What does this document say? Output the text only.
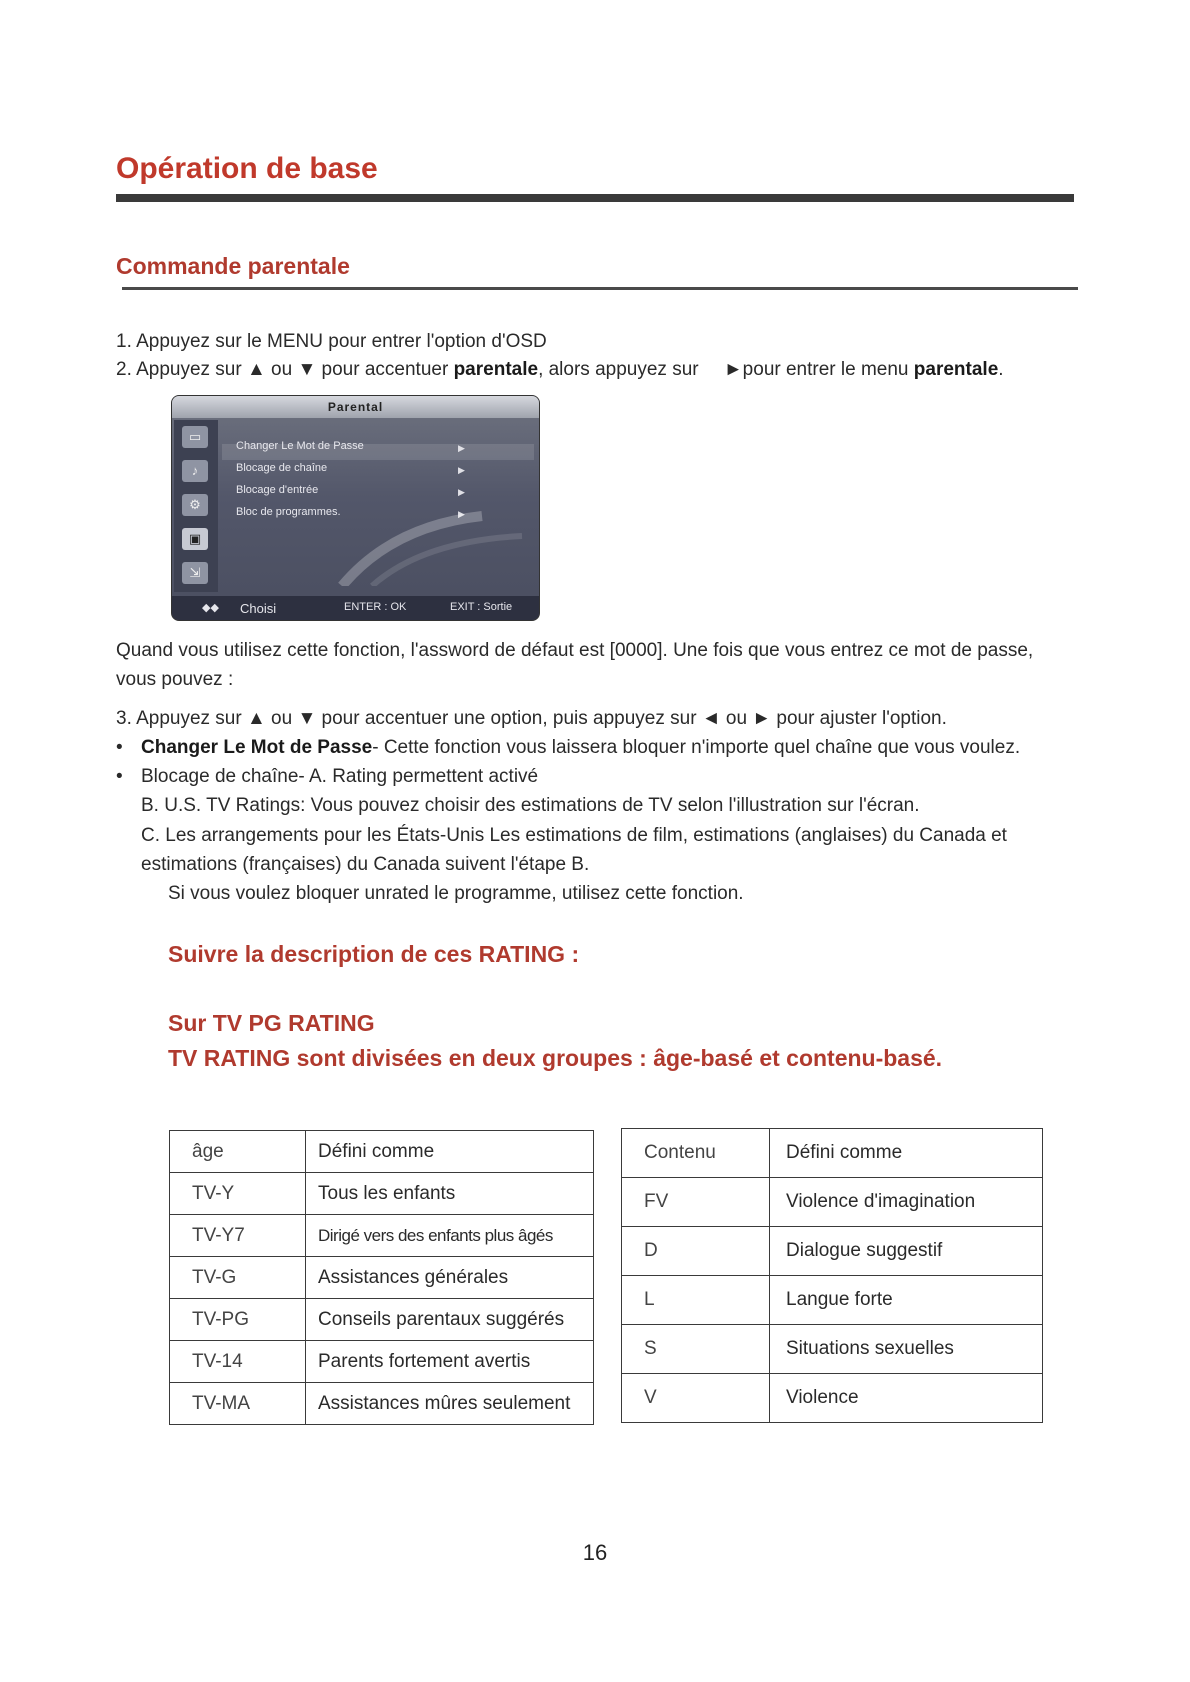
Opération de base
Commande parentale
1. Appuyez sur le MENU pour entrer l'option d'OSD
2. Appuyez sur ▲ ou ▼ pour accentuer parentale, alors appuyez sur ►pour entrer le menu parentale.
Parental
▭
♪
⚙
▣
⇲
Changer Le Mot de Passe	▶
Blocage de chaîne	▶
Blocage d'entrée	▶
Bloc de programmes.	▶
◆◆ Choisi	ENTER : OK	EXIT : Sortie
Quand vous utilisez cette fonction, l'assword de défaut est [0000]. Une fois que vous entrez ce mot de passe, vous pouvez :
3. Appuyez sur ▲ ou ▼ pour accentuer une option, puis appuyez sur ◄ ou ► pour ajuster l'option.
• Changer Le Mot de Passe- Cette fonction vous laissera bloquer n'importe quel chaîne que vous voulez.
• Blocage de chaîne- A. Rating permettent activé
B. U.S. TV Ratings: Vous pouvez choisir des estimations de TV selon l'illustration sur l'écran.
C. Les arrangements pour les États-Unis Les estimations de film, estimations (anglaises) du Canada et estimations (françaises) du Canada suivent l'étape B.
Si vous voulez bloquer unrated le programme, utilisez cette fonction.
Suivre la description de ces RATING :
Sur TV PG RATING
TV RATING sont divisées en deux groupes : âge-basé et contenu-basé.
âge	Défini comme
TV-Y	Tous les enfants
TV-Y7	Dirigé vers des enfants plus âgés
TV-G	Assistances générales
TV-PG	Conseils parentaux suggérés
TV-14	Parents fortement avertis
TV-MA	Assistances mûres seulement
Contenu	Défini comme
FV	Violence d'imagination
D	Dialogue suggestif
L	Langue forte
S	Situations sexuelles
V	Violence
16
